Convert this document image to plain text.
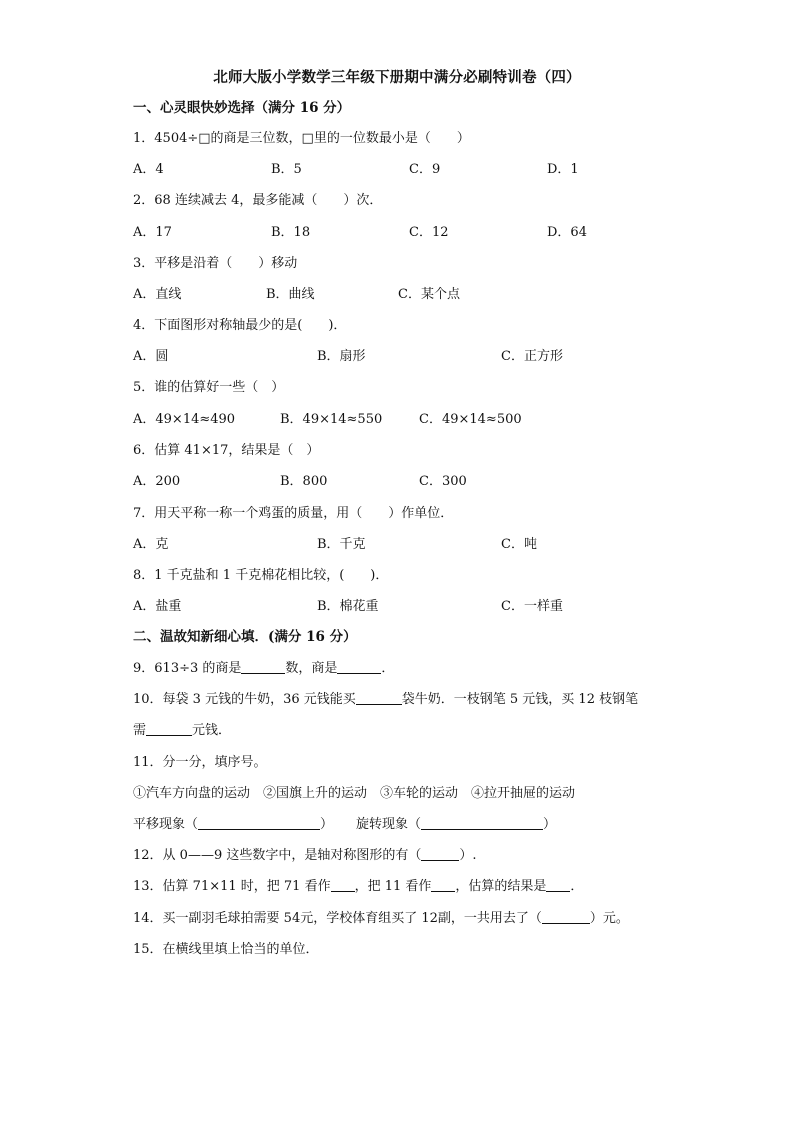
北师大版小学数学三年级下册期中满分必刷特训卷（四）
一、心灵眼快妙选择（满分 16 分）
1．4504÷□的商是三位数，□里的一位数最小是（　　）
A．4	B．5	C．9	D．1
2．68 连续减去 4，最多能减（　　）次．
A．17	B．18	C．12	D．64
3．平移是沿着（　　）移动
A．直线	B．曲线	C．某个点
4．下面图形对称轴最少的是(　　)．
A．圆	B．扇形	C．正方形
5．谁的估算好一些（　）
A．49×14≈490	B．49×14≈550	C．49×14≈500
6．估算 41×17，结果是（　）
A．200	B．800	C．300
7．用天平称一称一个鸡蛋的质量，用（　　）作单位．
A．克	B．千克	C．吨
8．1 千克盐和 1 千克棉花相比较，(　　)．
A．盐重	B．棉花重	C．一样重
二、温故知新细心填．(满分 16 分）
9．613÷3 的商是	数，商是	．
10．每袋 3 元钱的牛奶，36 元钱能买	袋牛奶．一枝钢笔 5 元钱，买 12 枝钢笔
需	元钱．
11．分一分，填序号。
①汽车方向盘的运动　②国旗上升的运动　③车轮的运动　④拉开抽屉的运动
平移现象（	） 旋转现象（	）
12．从 0——9 这些数字中，是轴对称图形的有（	）.
13．估算 71×11 时，把 71 看作 ，把 11 看作 ，估算的结果是 ．
14．买一副羽毛球拍需要 54元，学校体育组买了 12副，一共用去了（	）元。
15．在横线里填上恰当的单位．
